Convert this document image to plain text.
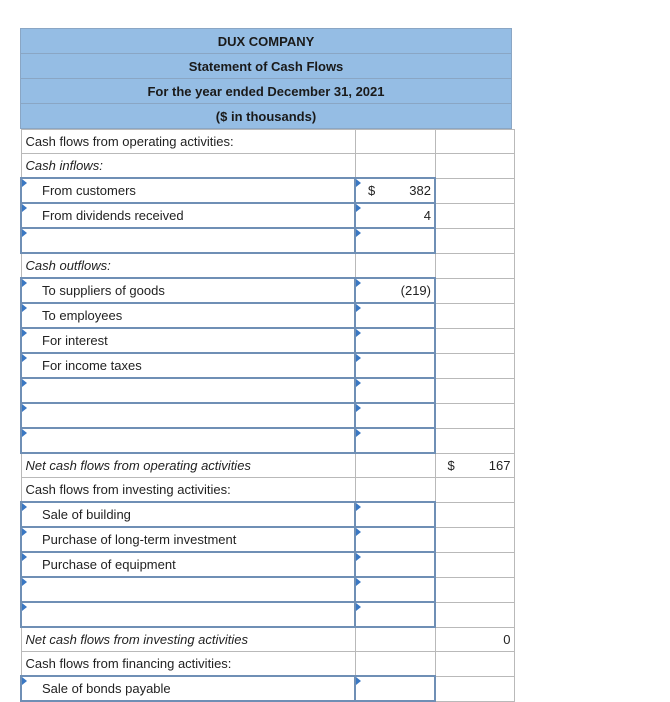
DUX COMPANY
Statement of Cash Flows
For the year ended December 31, 2021
($ in thousands)
Cash flows from operating activities:		
Cash inflows:		
From customers	$ 382	

From dividends received	4	

Cash outflows:		
To suppliers of goods	(219)	

To employees		
For interest		
For income taxes		

Net cash flows from operating activities		$ 167

Cash flows from investing activities:		
Sale of building		
Purchase of long-term investment		
Purchase of equipment		

Net cash flows from investing activities		0

Cash flows from financing activities:		
Sale of bonds payable		
